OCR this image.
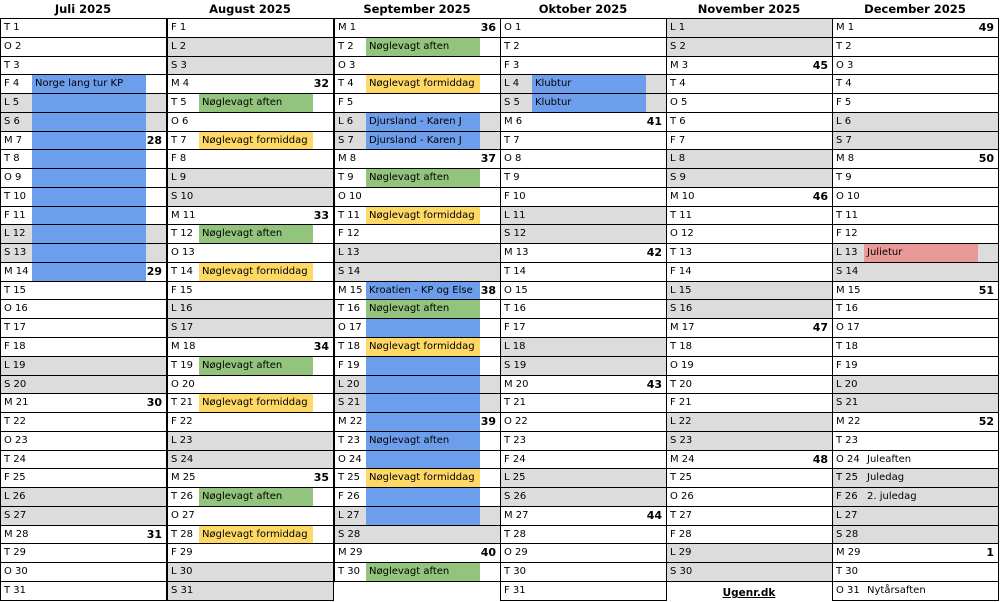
Juli 2025
T 1
O 2
T 3
F 4	Norge lang tur KP
L 5
S 6
M 7	28
T 8
O 9
T 10
F 11
L 12
S 13
M 14	29
T 15
O 16
T 17
F 18
L 19
S 20
M 21	30
T 22
O 23
T 24
F 25
L 26
S 27
M 28	31
T 29
O 30
T 31
August 2025
F 1
L 2
S 3
M 4	32
T 5	Nøglevagt aften
O 6
T 7	Nøglevagt formiddag
F 8
L 9
S 10
M 11	33
T 12 Nøglevagt aften
O 13
T 14 Nøglevagt formiddag
F 15
L 16
S 17
M 18	34
T 19 Nøglevagt aften
O 20
T 21 Nøglevagt formiddag
F 22
L 23
S 24
M 25	35
T 26 Nøglevagt aften
O 27
T 28 Nøglevagt formiddag
F 29
L 30
S 31
September 2025
M 1	36
T 2	Nøglevagt aften
O 3
T 4	Nøglevagt formiddag
F 5
L 6	Djursland - Karen J
S 7	Djursland - Karen J
M 8	37
T 9	Nøglevagt aften
O 10
T 11 Nøglevagt formiddag
F 12
L 13
S 14
M 15 Kroatien - KP og Else 38
T 16 Nøglevagt aften
O 17
T 18 Nøglevagt formiddag
F 19
L 20
S 21
M 22	39
T 23 Nøglevagt aften
O 24
T 25 Nøglevagt formiddag
F 26
L 27
S 28
M 29	40
T 30 Nøglevagt aften
Oktober 2025
O 1
T 2
F 3
L 4	Klubtur
S 5	Klubtur
M 6	41
T 7
O 8
T 9
F 10
L 11
S 12
M 13	42
T 14
O 15
T 16
F 17
L 18
S 19
M 20	43
T 21
O 22
T 23
F 24
L 25
S 26
M 27	44
T 28
O 29
T 30
F 31
November 2025
L 1
S 2
M 3	45
T 4
O 5
T 6
F 7
L 8
S 9
M 10	46
T 11
O 12
T 13
F 14
L 15
S 16
M 17	47
T 18
O 19
T 20
F 21
L 22
S 23
M 24	48
T 25
O 26
T 27
F 28
L 29
S 30
Ugenr.dk
December 2025
M 1	49
T 2
O 3
T 4
F 5
L 6
S 7
M 8	50
T 9
O 10
T 11
F 12
L 13 Julietur
S 14
M 15	51
T 16
O 17
T 18
F 19
L 20
S 21
M 22	52
T 23
O 24 Juleaften
T 25 Juledag
F 26 2. juledag
L 27
S 28
M 29	1
T 30
O 31 Nytårsaften
